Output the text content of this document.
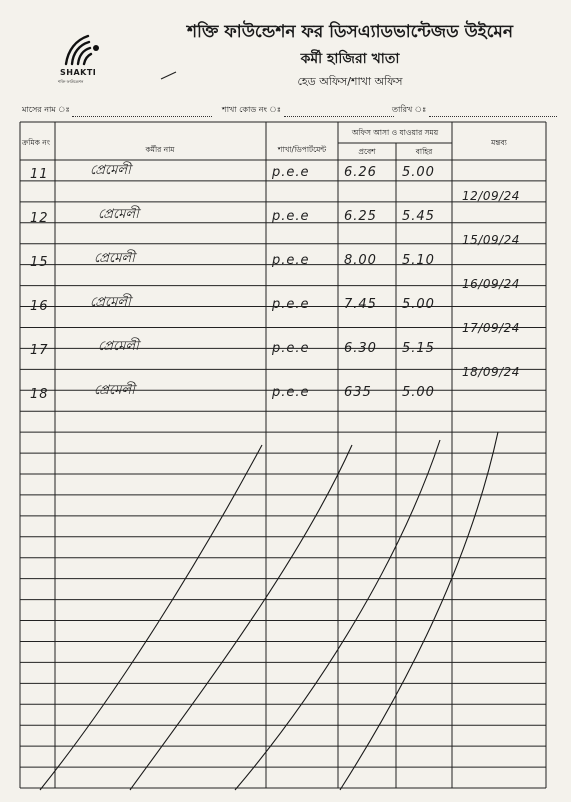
SHAKTI
শক্তি ফাউন্ডেশন
শক্তি ফাউন্ডেশন ফর ডিসএ্যাডভান্টেজড উইমেন
কর্মী হাজিরা খাতা
হেড অফিস/শাখা অফিস
মাসের নাম ঃ	শাখা কোড নং ঃ	তারিখ ঃ
ক্রমিক নং
কর্মীর নাম	শাখা/ডিপার্টমেন্ট
অফিস আসা ও যাওয়ার সময়
প্রবেশ	বাহির
মন্তব্য
11	প্রেমেলী	p.e.e	6.26 5.00
12/09/24
12	প্রেমেলী	p.e.e	6.25 5.45
15/09/24
15	প্রেমেলী	p.e.e	8.00 5.10
16/09/24
16	প্রেমেলী	p.e.e	7.45 5.00
17/09/24
17	প্রেমেলী	p.e.e	6.30 5.15
18/09/24
18	প্রেমেলী	p.e.e	635 5.00
